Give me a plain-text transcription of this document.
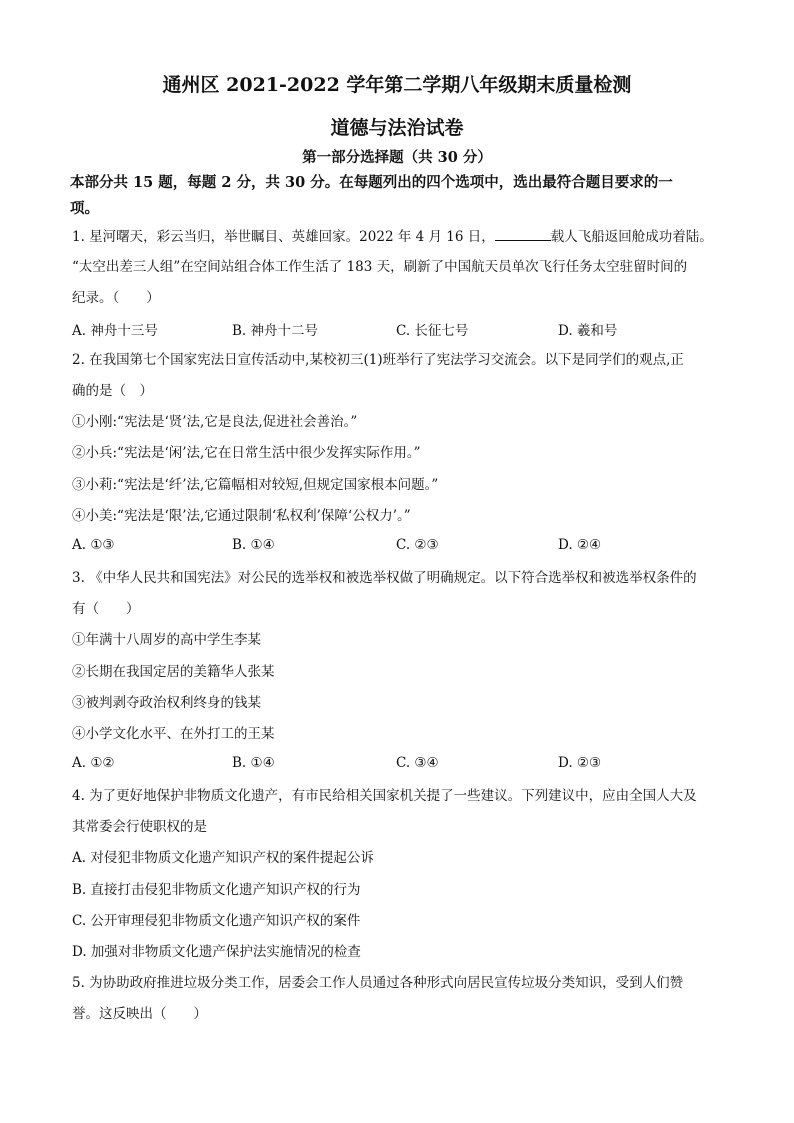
通州区 2021-2022 学年第二学期八年级期末质量检测
道德与法治试卷
第一部分选择题（共 30 分）
本部分共 15 题，每题 2 分，共 30 分。在每题列出的四个选项中，选出最符合题目要求的一
项。
1. 星河曙天，彩云当归，举世瞩目、英雄回家。2022 年 4 月 16 日，	载人飞船返回舱成功着陆。
“太空出差三人组”在空间站组合体工作生活了 183 天，刷新了中国航天员单次飞行任务太空驻留时间的
纪录。（　　）
A. 神舟十三号	B. 神舟十二号	C. 长征七号	D. 羲和号
2. 在我国第七个国家宪法日宣传活动中,某校初三(1)班举行了宪法学习交流会。以下是同学们的观点,正
确的是（　）
①小刚:“宪法是‘贤’法,它是良法,促进社会善治。”
②小兵:“宪法是‘闲’法,它在日常生活中很少发挥实际作用。”
③小莉:“宪法是‘纤’法,它篇幅相对较短,但规定国家根本问题。”
④小美:“宪法是‘限’法,它通过限制‘私权利’保障‘公权力’。”
A. ①③	B. ①④	C. ②③	D. ②④
3. 《中华人民共和国宪法》对公民的选举权和被选举权做了明确规定。以下符合选举权和被选举权条件的
有（　　）
①年满十八周岁的高中学生李某
②长期在我国定居的美籍华人张某
③被判剥夺政治权利终身的钱某
④小学文化水平、在外打工的王某
A. ①②	B. ①④	C. ③④	D. ②③
4. 为了更好地保护非物质文化遗产，有市民给相关国家机关提了一些建议。下列建议中，应由全国人大及
其常委会行使职权的是
A. 对侵犯非物质文化遗产知识产权的案件提起公诉
B. 直接打击侵犯非物质文化遗产知识产权的行为
C. 公开审理侵犯非物质文化遗产知识产权的案件
D. 加强对非物质文化遗产保护法实施情况的检查
5. 为协助政府推进垃圾分类工作，居委会工作人员通过各种形式向居民宣传垃圾分类知识，受到人们赞
誉。这反映出（　　）
